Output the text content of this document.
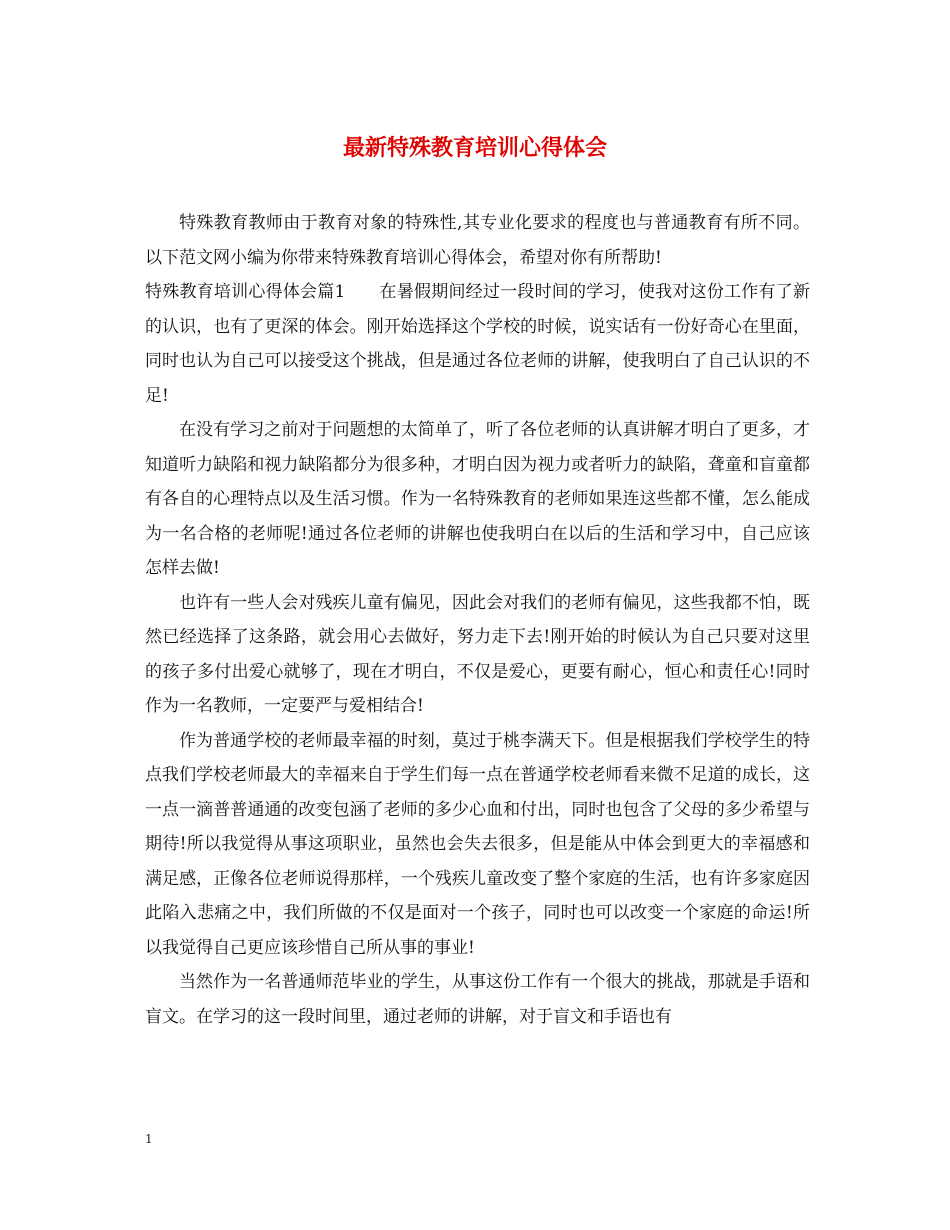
最新特殊教育培训心得体会

特殊教育教师由于教育对象的特殊性,其专业化要求的程度也与普通教育有所不同。以下范文网小编为你带来特殊教育培训心得体会，希望对你有所帮助!

特殊教育培训心得体会篇1 在暑假期间经过一段时间的学习，使我对这份工作有了新的认识，也有了更深的体会。刚开始选择这个学校的时候，说实话有一份好奇心在里面，同时也认为自己可以接受这个挑战，但是通过各位老师的讲解，使我明白了自己认识的不足!

在没有学习之前对于问题想的太简单了，听了各位老师的认真讲解才明白了更多，才知道听力缺陷和视力缺陷都分为很多种，才明白因为视力或者听力的缺陷，聋童和盲童都有各自的心理特点以及生活习惯。作为一名特殊教育的老师如果连这些都不懂，怎么能成为一名合格的老师呢!通过各位老师的讲解也使我明白在以后的生活和学习中，自己应该怎样去做!

也许有一些人会对残疾儿童有偏见，因此会对我们的老师有偏见，这些我都不怕，既然已经选择了这条路，就会用心去做好，努力走下去!刚开始的时候认为自己只要对这里的孩子多付出爱心就够了，现在才明白，不仅是爱心，更要有耐心，恒心和责任心!同时作为一名教师，一定要严与爱相结合!

作为普通学校的老师最幸福的时刻，莫过于桃李满天下。但是根据我们学校学生的特点我们学校老师最大的幸福来自于学生们每一点在普通学校老师看来微不足道的成长，这一点一滴普普通通的改变包涵了老师的多少心血和付出，同时也包含了父母的多少希望与期待!所以我觉得从事这项职业，虽然也会失去很多，但是能从中体会到更大的幸福感和满足感，正像各位老师说得那样，一个残疾儿童改变了整个家庭的生活，也有许多家庭因此陷入悲痛之中，我们所做的不仅是面对一个孩子，同时也可以改变一个家庭的命运!所以我觉得自己更应该珍惜自己所从事的事业!

当然作为一名普通师范毕业的学生，从事这份工作有一个很大的挑战，那就是手语和盲文。在学习的这一段时间里，通过老师的讲解，对于盲文和手语也有

1
